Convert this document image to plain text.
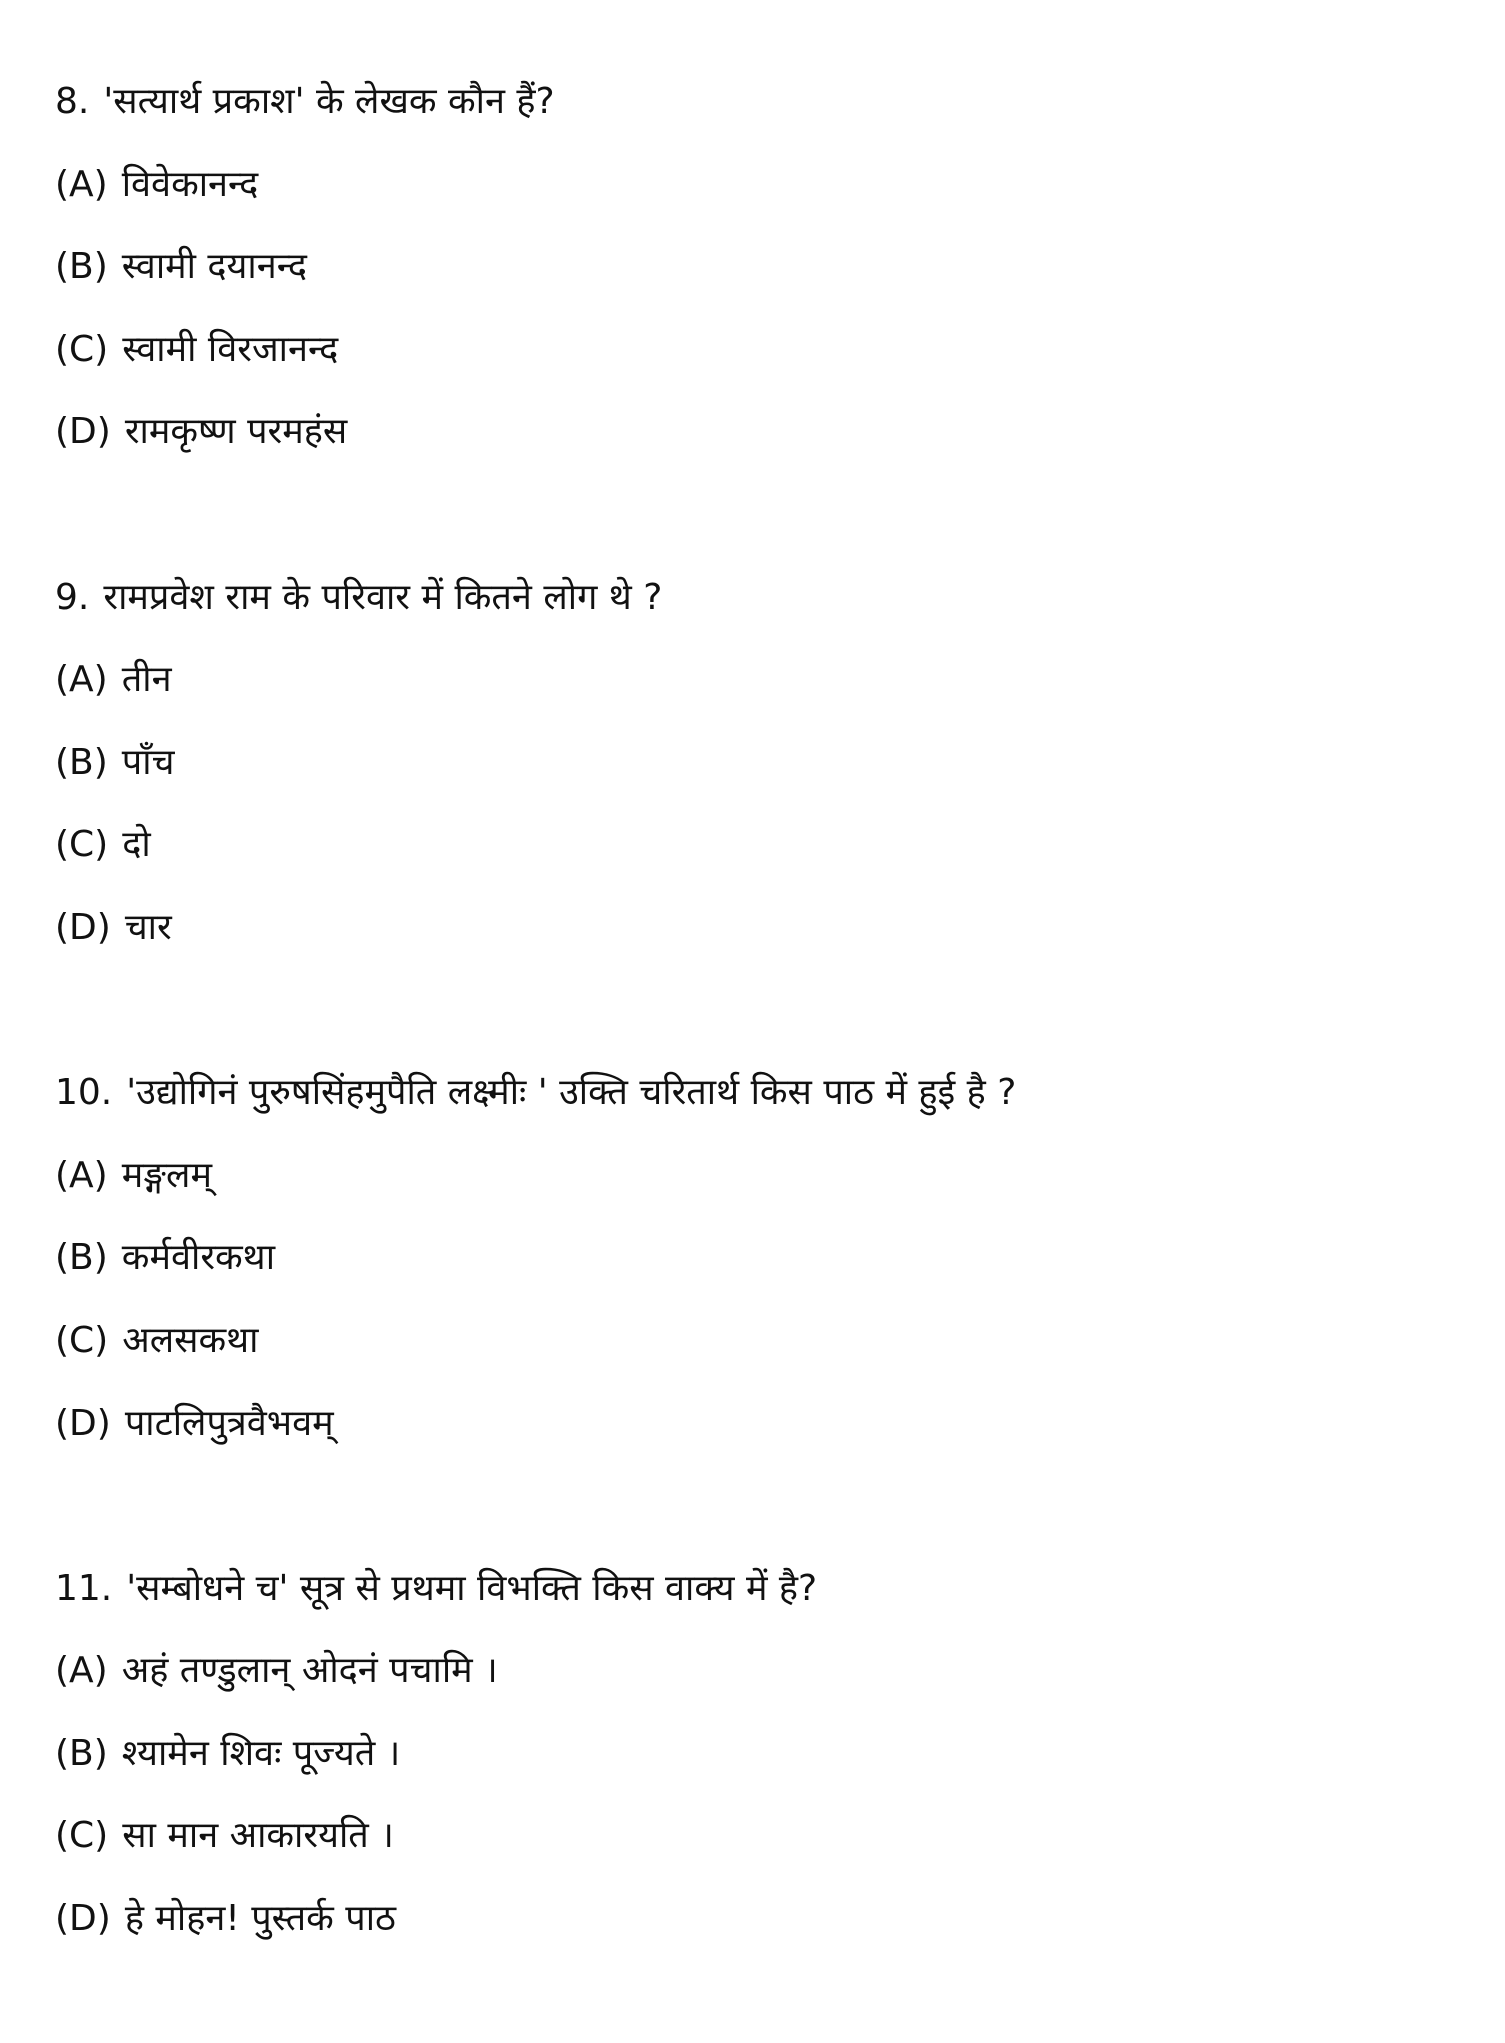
8. 'सत्यार्थ प्रकाश' के लेखक कौन हैं?
(A) विवेकानन्द
(B) स्वामी दयानन्द
(C) स्वामी विरजानन्द
(D) रामकृष्ण परमहंस
9. रामप्रवेश राम के परिवार में कितने लोग थे ?
(A) तीन
(B) पाँच
(C) दो
(D) चार
10. 'उद्योगिनं पुरुषसिंहमुपैति लक्ष्मीः ' उक्ति चरितार्थ किस पाठ में हुई है ?
(A) मङ्गलम्
(B) कर्मवीरकथा
(C) अलसकथा
(D) पाटलिपुत्रवैभवम्
11. 'सम्बोधने च' सूत्र से प्रथमा विभक्ति किस वाक्य में है?
(A) अहं तण्डुलान् ओदनं पचामि ।
(B) श्यामेन शिवः पूज्यते ।
(C) सा मान आकारयति ।
(D) हे मोहन! पुस्तर्क पाठ
